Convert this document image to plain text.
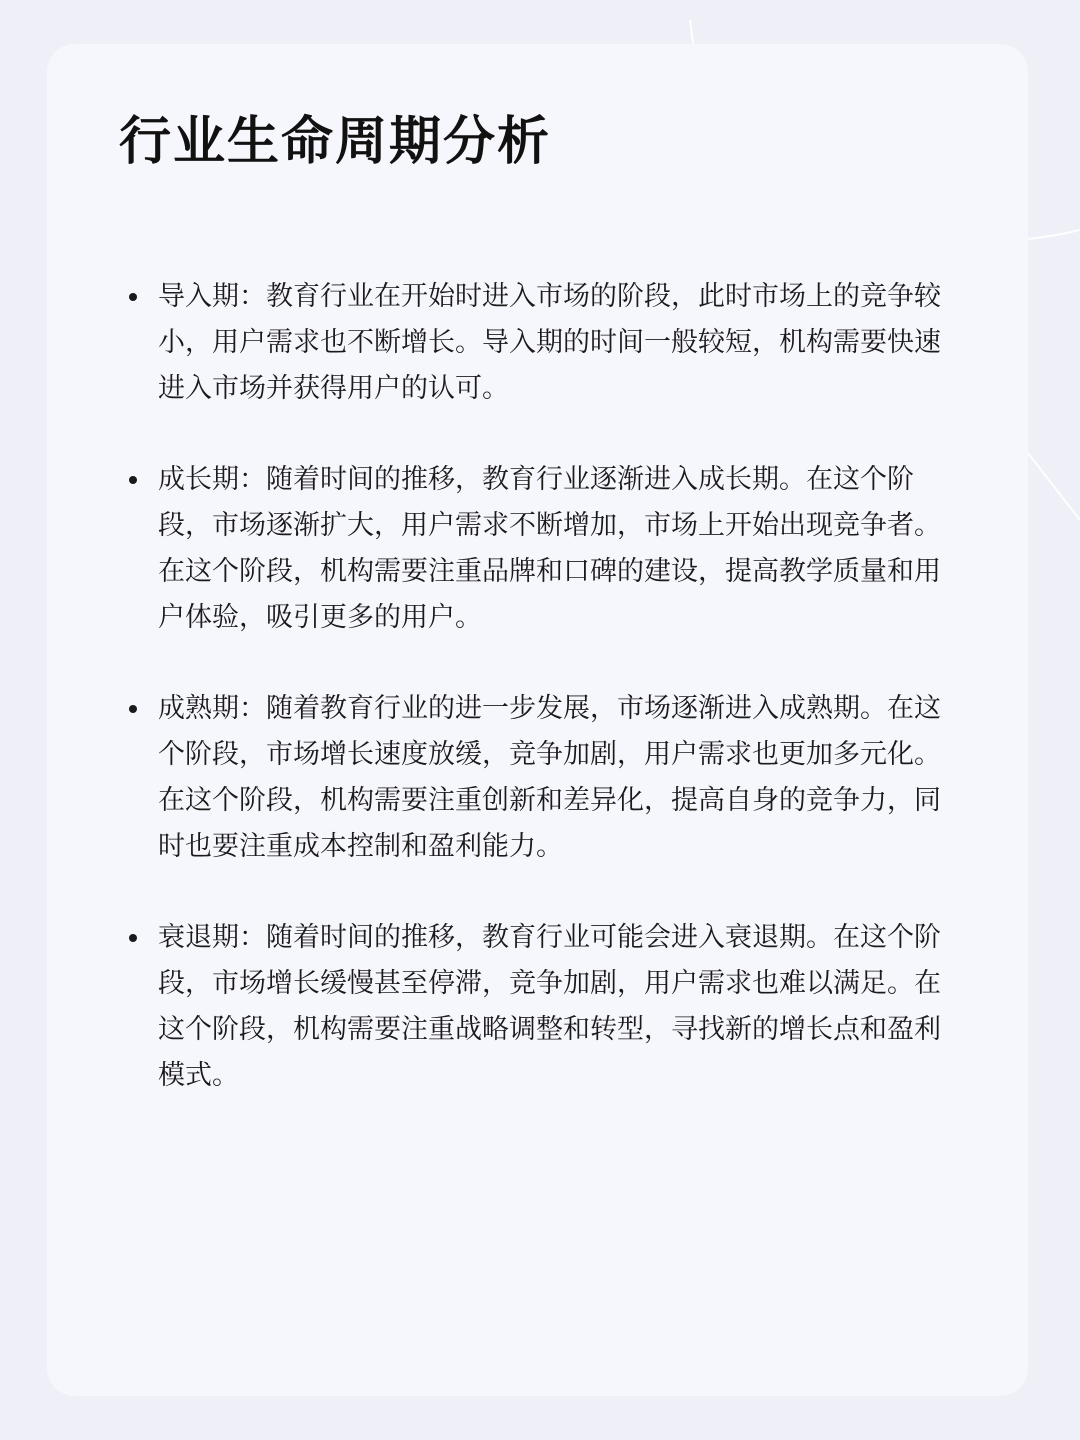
行业生命周期分析
导入期：教育行业在开始时进入市场的阶段，此时市场上的竞争较小，用户需求也不断增长。导入期的时间一般较短，机构需要快速进入市场并获得用户的认可。
成长期：随着时间的推移，教育行业逐渐进入成长期。在这个阶段，市场逐渐扩大，用户需求不断增加，市场上开始出现竞争者。在这个阶段，机构需要注重品牌和口碑的建设，提高教学质量和用户体验，吸引更多的用户。
成熟期：随着教育行业的进一步发展，市场逐渐进入成熟期。在这个阶段，市场增长速度放缓，竞争加剧，用户需求也更加多元化。在这个阶段，机构需要注重创新和差异化，提高自身的竞争力，同时也要注重成本控制和盈利能力。
衰退期：随着时间的推移，教育行业可能会进入衰退期。在这个阶段，市场增长缓慢甚至停滞，竞争加剧，用户需求也难以满足。在这个阶段，机构需要注重战略调整和转型，寻找新的增长点和盈利模式。
